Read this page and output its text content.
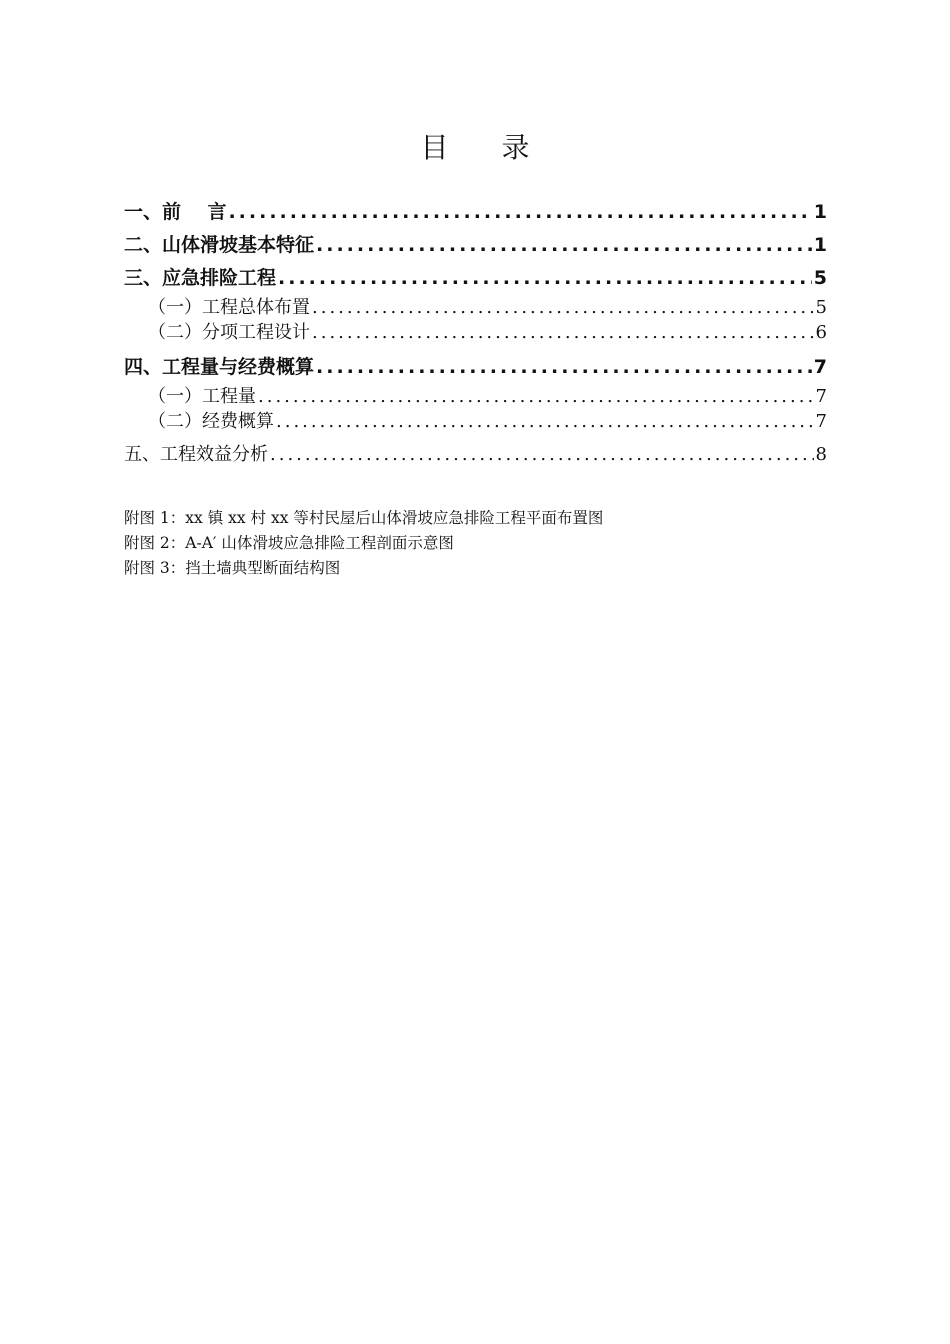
目 录
一、前    言 .....	1
二、山体滑坡基本特征 .....	1
三、应急排险工程 .....	5
（一）工程总体布置 .....	5
（二）分项工程设计 .....	6
四、工程量与经费概算 .....	7
（一）工程量 .....	7
（二）经费概算 .....	7
五、工程效益分析 .....	8
附图 1：xx 镇 xx 村 xx 等村民屋后山体滑坡应急排险工程平面布置图
附图 2：A-A′ 山体滑坡应急排险工程剖面示意图
附图 3：挡土墙典型断面结构图
